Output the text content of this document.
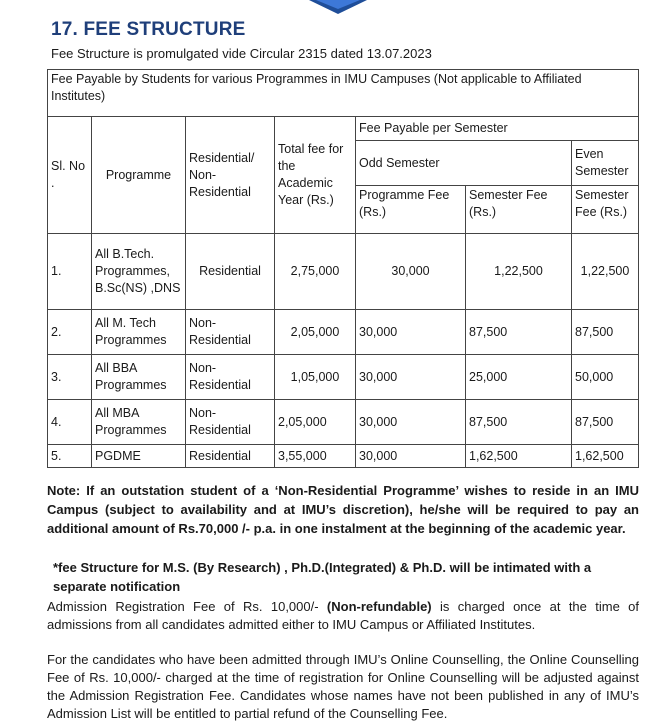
17. FEE STRUCTURE
Fee Structure is promulgated vide Circular 2315 dated 13.07.2023
Fee Payable by Students for various Programmes in IMU Campuses (Not applicable to Affiliated Institutes)						
Sl. No .	Programme	Residential/ Non-Residential	Total fee for the Academic Year (Rs.)	Fee Payable per Semester		
				Odd Semester		Even Semester
				Programme Fee (Rs.)	Semester Fee (Rs.)	Semester Fee (Rs.)
1.	All B.Tech. Programmes, B.Sc(NS) ,DNS	Residential	2,75,000	30,000	1,22,500	1,22,500
2.	All M. Tech Programmes	Non-Residential	2,05,000	30,000	87,500	87,500
3.	All BBA Programmes	Non-Residential	1,05,000	30,000	25,000	50,000
4.	All MBA Programmes	Non-Residential	2,05,000	30,000	87,500	87,500
5.	PGDME	Residential	3,55,000	30,000	1,62,500	1,62,500
Note: If an outstation student of a ‘Non-Residential Programme’ wishes to reside in an IMU Campus (subject to availability and at IMU’s discretion), he/she will be required to pay an additional amount of Rs.70,000 /- p.a. in one instalment at the beginning of the academic year.
*fee Structure for M.S. (By Research) , Ph.D.(Integrated) & Ph.D. will be intimated with a separate notification
Admission Registration Fee of Rs. 10,000/- (Non-refundable) is charged once at the time of admissions from all candidates admitted either to IMU Campus or Affiliated Institutes.
For the candidates who have been admitted through IMU’s Online Counselling, the Online Counselling Fee of Rs. 10,000/- charged at the time of registration for Online Counselling will be adjusted against the Admission Registration Fee. Candidates whose names have not been published in any of IMU’s Admission List will be entitled to partial refund of the Counselling Fee.
